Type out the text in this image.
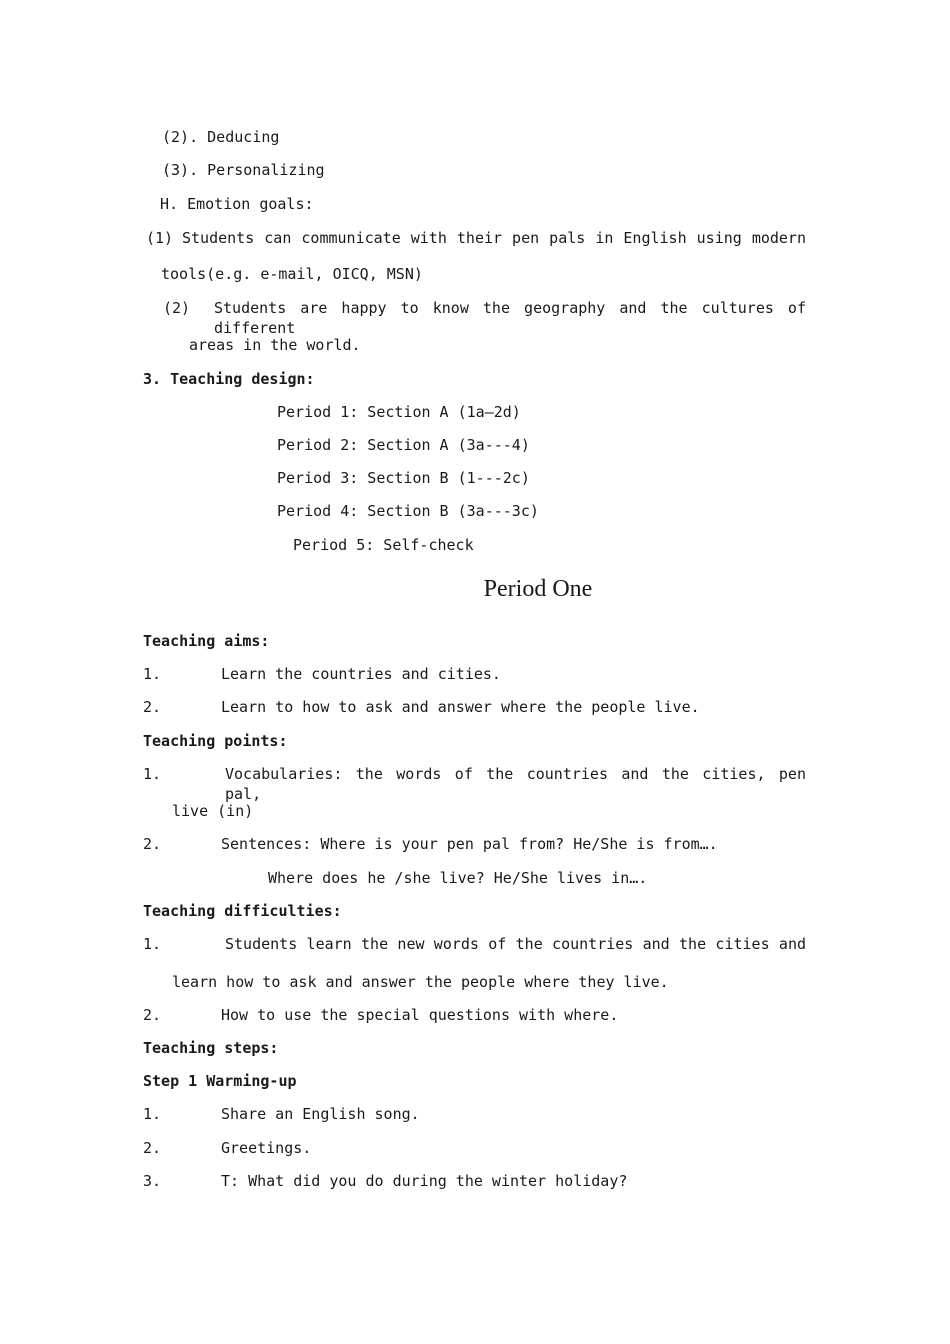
(2). Deducing
(3). Personalizing
H. Emotion goals:
(1) Students can communicate with their pen pals in English using modern
tools(e.g. e-mail, OICQ, MSN)
(2) Students are happy to know the geography and the cultures of different
areas in the world.
3. Teaching design:
Period 1: Section A (1a—2d)
Period 2: Section A (3a---4)
Period 3: Section B (1---2c)
Period 4: Section B (3a---3c)
Period 5: Self-check
Period One
Teaching aims:
1.	Learn the countries and cities.
2.	Learn to how to ask and answer where the people live.
Teaching points:
1.	Vocabularies: the words of the countries and the cities, pen pal,
live (in)
2.	Sentences: Where is your pen pal from? He/She is from….
Where does he /she live? He/She lives in….
Teaching difficulties:
1.	Students learn the new words of the countries and the cities and
learn how to ask and answer the people where they live.
2.	How to use the special questions with where.
Teaching steps:
Step 1 Warming-up
1.	Share an English song.
2.	Greetings.
3.	T: What did you do during the winter holiday?
